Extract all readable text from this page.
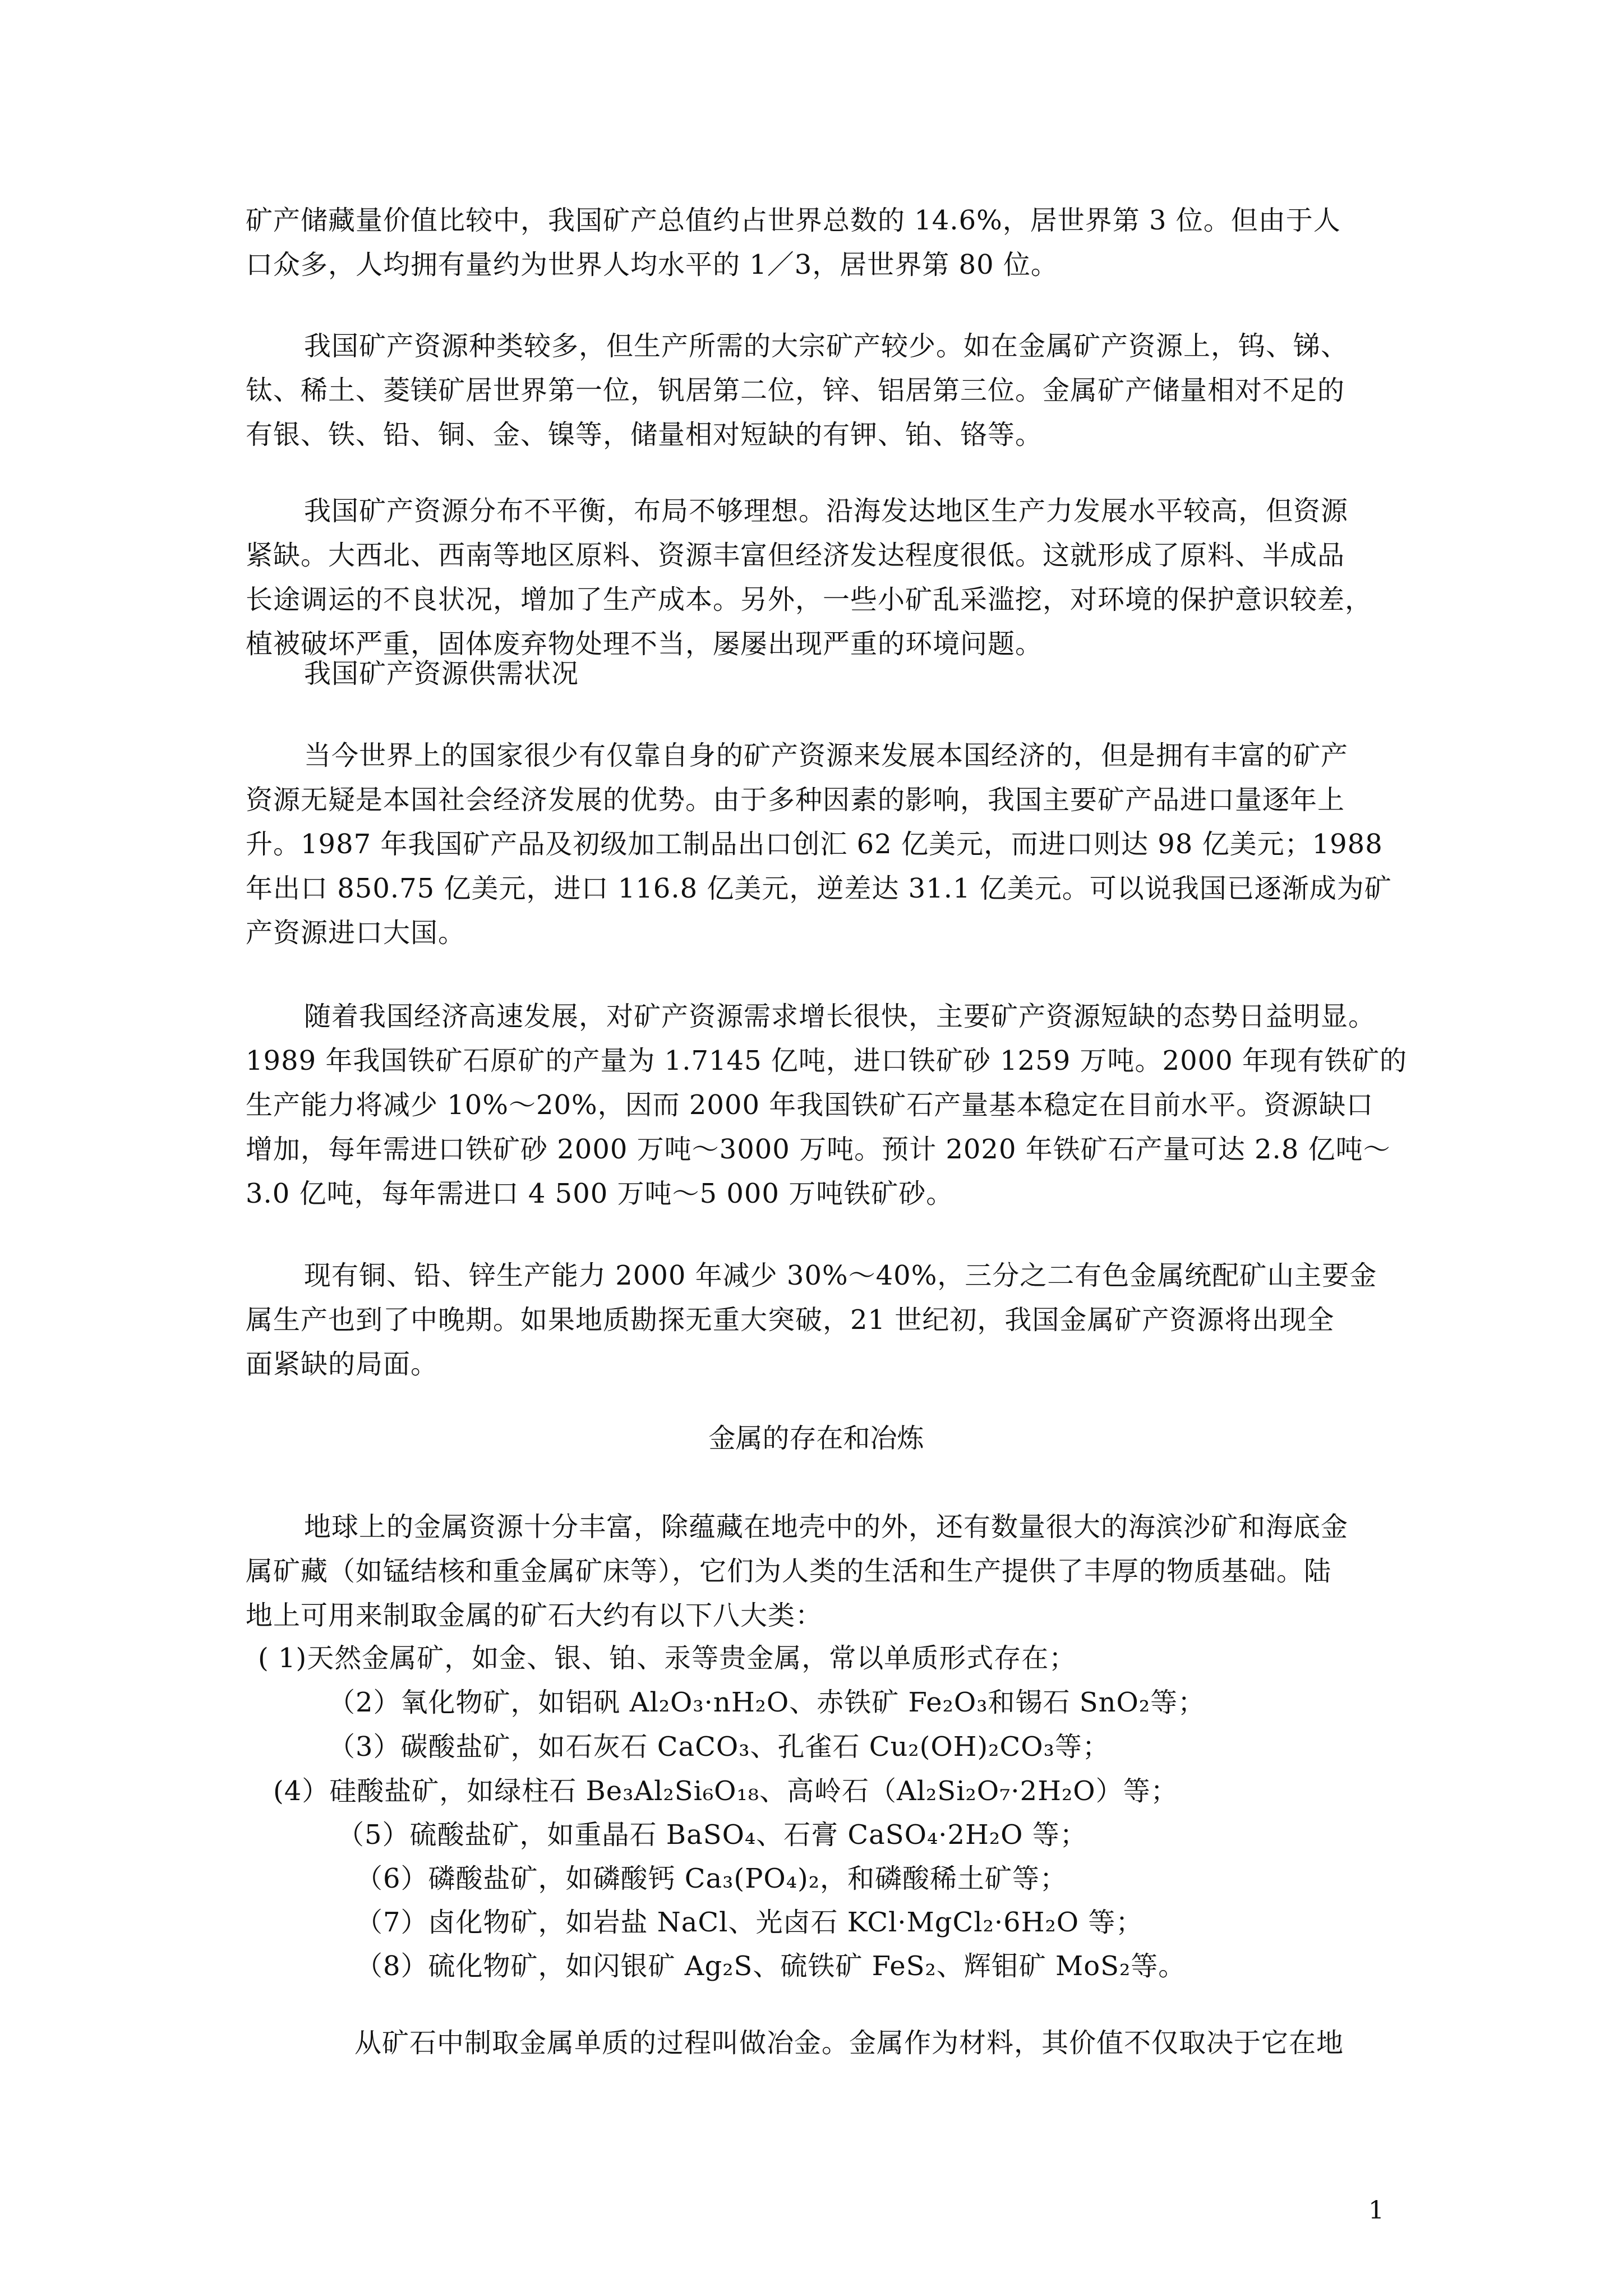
矿产储藏量价值比较中，我国矿产总值约占世界总数的 14.6%，居世界第 3 位。但由于人
口众多，人均拥有量约为世界人均水平的 1／3，居世界第 80 位。
我国矿产资源种类较多，但生产所需的大宗矿产较少。如在金属矿产资源上，钨、锑、
钛、稀土、菱镁矿居世界第一位，钒居第二位，锌、铝居第三位。金属矿产储量相对不足的
有银、铁、铅、铜、金、镍等，储量相对短缺的有钾、铂、铬等。
我国矿产资源分布不平衡，布局不够理想。沿海发达地区生产力发展水平较高，但资源
紧缺。大西北、西南等地区原料、资源丰富但经济发达程度很低。这就形成了原料、半成品
长途调运的不良状况，增加了生产成本。另外，一些小矿乱采滥挖，对环境的保护意识较差，
植被破坏严重，固体废弃物处理不当，屡屡出现严重的环境问题。
我国矿产资源供需状况
当今世界上的国家很少有仅靠自身的矿产资源来发展本国经济的，但是拥有丰富的矿产
资源无疑是本国社会经济发展的优势。由于多种因素的影响，我国主要矿产品进口量逐年上
升。1987 年我国矿产品及初级加工制品出口创汇 62 亿美元，而进口则达 98 亿美元；1988
年出口 850.75 亿美元，进口 116.8 亿美元，逆差达 31.1 亿美元。可以说我国已逐渐成为矿
产资源进口大国。
随着我国经济高速发展，对矿产资源需求增长很快，主要矿产资源短缺的态势日益明显。
1989 年我国铁矿石原矿的产量为 1.7145 亿吨，进口铁矿砂 1259 万吨。2000 年现有铁矿的
生产能力将减少 10%～20%，因而 2000 年我国铁矿石产量基本稳定在目前水平。资源缺口
增加，每年需进口铁矿砂 2000 万吨～3000 万吨。预计 2020 年铁矿石产量可达 2.8 亿吨～
3.0 亿吨，每年需进口 4 500 万吨～5 000 万吨铁矿砂。
现有铜、铅、锌生产能力 2000 年减少 30%～40%，三分之二有色金属统配矿山主要金
属生产也到了中晚期。如果地质勘探无重大突破，21 世纪初，我国金属矿产资源将出现全
面紧缺的局面。
金属的存在和冶炼
地球上的金属资源十分丰富，除蕴藏在地壳中的外，还有数量很大的海滨沙矿和海底金
属矿藏（如锰结核和重金属矿床等），它们为人类的生活和生产提供了丰厚的物质基础。陆
地上可用来制取金属的矿石大约有以下八大类：
( 1)天然金属矿，如金、银、铂、汞等贵金属，常以单质形式存在；
（2）氧化物矿，如铝矾 Al₂O₃·nH₂O、赤铁矿 Fe₂O₃和锡石 SnO₂等；
（3）碳酸盐矿，如石灰石 CaCO₃、孔雀石 Cu₂(OH)₂CO₃等；
(4）硅酸盐矿，如绿柱石 Be₃Al₂Si₆O₁₈、高岭石（Al₂Si₂O₇·2H₂O）等；
（5）硫酸盐矿，如重晶石 BaSO₄、石膏 CaSO₄·2H₂O 等；
（6）磷酸盐矿，如磷酸钙 Ca₃(PO₄)₂，和磷酸稀土矿等；
（7）卤化物矿，如岩盐 NaCl、光卤石 KCl·MgCl₂·6H₂O 等；
（8）硫化物矿，如闪银矿 Ag₂S、硫铁矿 FeS₂、辉钼矿 MoS₂等。
从矿石中制取金属单质的过程叫做冶金。金属作为材料，其价值不仅取决于它在地
1
